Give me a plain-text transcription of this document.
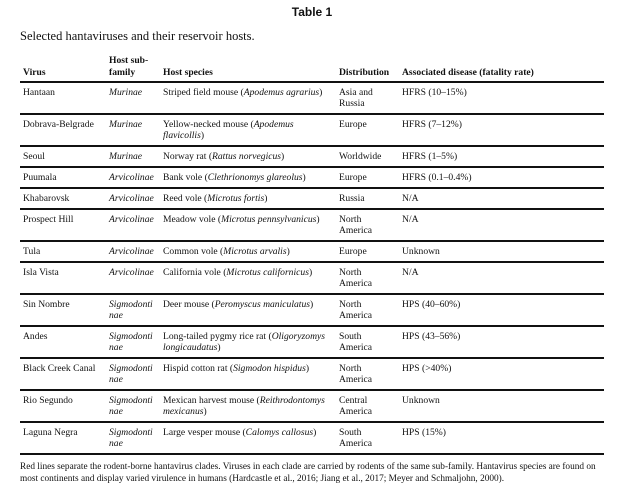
Table 1
Selected hantaviruses and their reservoir hosts.
Virus	Host sub-family	Host species	Distribution	Associated disease (fatality rate)
Hantaan	Murinae	Striped field mouse (Apodemus agrarius)	Asia and Russia	HFRS (10–15%)
Dobrava-Belgrade	Murinae	Yellow-necked mouse (Apodemus flavicollis)	Europe	HFRS (7–12%)
Seoul	Murinae	Norway rat (Rattus norvegicus)	Worldwide	HFRS (1–5%)
Puumala	Arvicolinae	Bank vole (Clethrionomys glareolus)	Europe	HFRS (0.1–0.4%)
Khabarovsk	Arvicolinae	Reed vole (Microtus fortis)	Russia	N/A
Prospect Hill	Arvicolinae	Meadow vole (Microtus pennsylvanicus)	North America	N/A
Tula	Arvicolinae	Common vole (Microtus arvalis)	Europe	Unknown
Isla Vista	Arvicolinae	California vole (Microtus californicus)	North America	N/A
Sin Nombre	Sigmodontinae	Deer mouse (Peromyscus maniculatus)	North America	HPS (40–60%)
Andes	Sigmodontinae	Long-tailed pygmy rice rat (Oligoryzomys longicaudatus)	South America	HPS (43–56%)
Black Creek Canal	Sigmodontinae	Hispid cotton rat (Sigmodon hispidus)	North America	HPS (>40%)
Rio Segundo	Sigmodontinae	Mexican harvest mouse (Reithrodontomys mexicanus)	Central America	Unknown
Laguna Negra	Sigmodontinae	Large vesper mouse (Calomys callosus)	South America	HPS (15%)
Red lines separate the rodent-borne hantavirus clades. Viruses in each clade are carried by rodents of the same sub-family. Hantavirus species are found on most continents and display varied virulence in humans (Hardcastle et al., 2016; Jiang et al., 2017; Meyer and Schmaljohn, 2000).
